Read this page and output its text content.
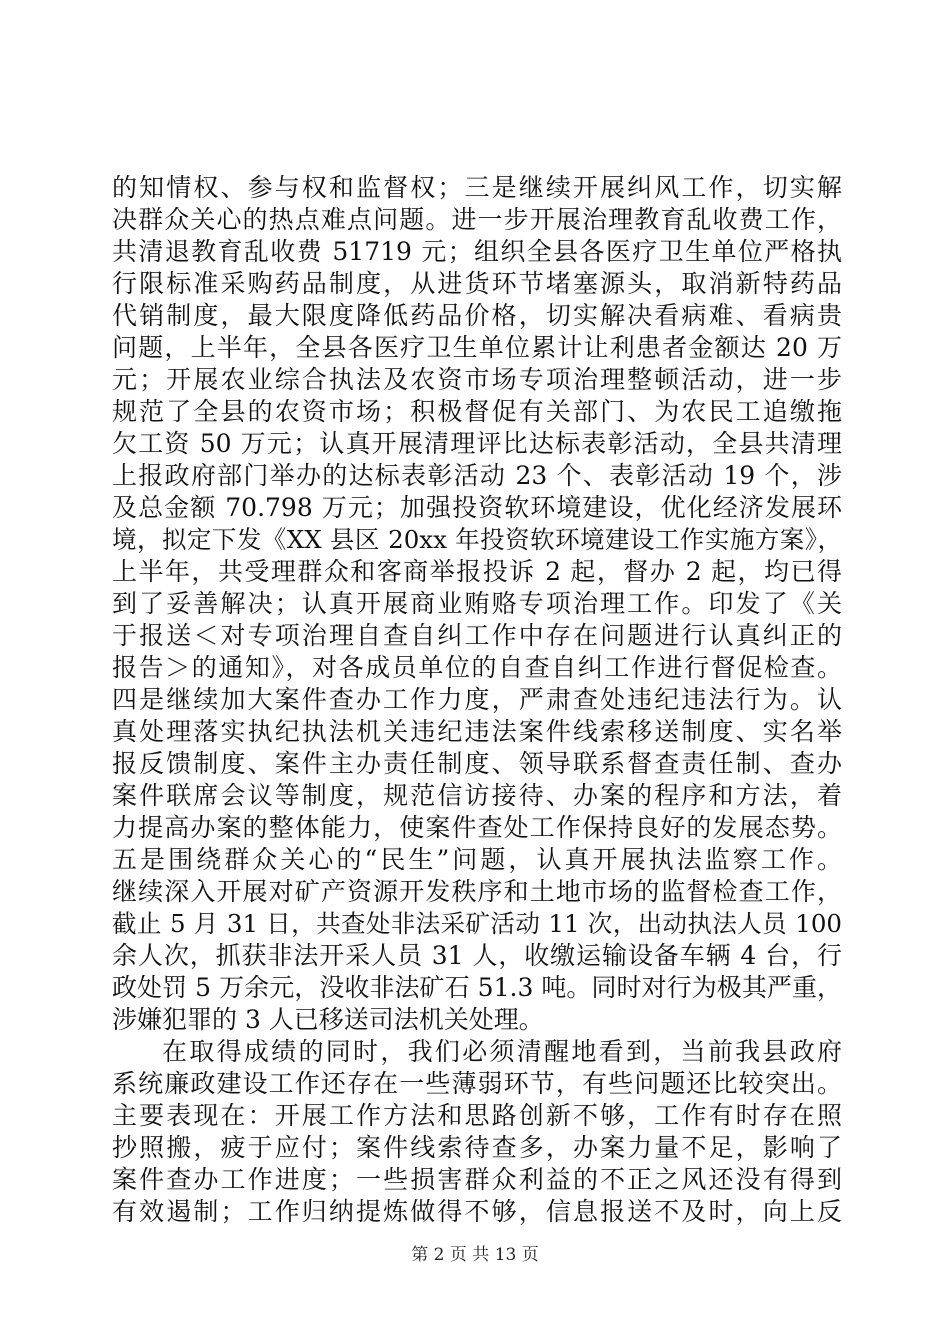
的知情权、参与权和监督权；三是继续开展纠风工作，切实解
决群众关心的热点难点问题。进一步开展治理教育乱收费工作，
共清退教育乱收费 51719 元；组织全县各医疗卫生单位严格执
行限标准采购药品制度，从进货环节堵塞源头，取消新特药品
代销制度，最大限度降低药品价格，切实解决看病难、看病贵
问题，上半年，全县各医疗卫生单位累计让利患者金额达 20 万
元；开展农业综合执法及农资市场专项治理整顿活动，进一步
规范了全县的农资市场；积极督促有关部门、为农民工追缴拖
欠工资 50 万元；认真开展清理评比达标表彰活动，全县共清理
上报政府部门举办的达标表彰活动 23 个、表彰活动 19 个，涉
及总金额 70.798 万元；加强投资软环境建设，优化经济发展环
境，拟定下发《XX 县区 20xx 年投资软环境建设工作实施方案》，
上半年，共受理群众和客商举报投诉 2 起，督办 2 起，均已得
到了妥善解决；认真开展商业贿赂专项治理工作。印发了《关
于报送＜对专项治理自查自纠工作中存在问题进行认真纠正的
报告＞的通知》，对各成员单位的自查自纠工作进行督促检查。
四是继续加大案件查办工作力度，严肃查处违纪违法行为。认
真处理落实执纪执法机关违纪违法案件线索移送制度、实名举
报反馈制度、案件主办责任制度、领导联系督查责任制、查办
案件联席会议等制度，规范信访接待、办案的程序和方法，着
力提高办案的整体能力，使案件查处工作保持良好的发展态势。
五是围绕群众关心的“民生”问题，认真开展执法监察工作。
继续深入开展对矿产资源开发秩序和土地市场的监督检查工作，
截止 5 月 31 日，共查处非法采矿活动 11 次，出动执法人员 100
余人次，抓获非法开采人员 31 人，收缴运输设备车辆 4 台，行
政处罚 5 万余元，没收非法矿石 51.3 吨。同时对行为极其严重，
涉嫌犯罪的 3 人已移送司法机关处理。
在取得成绩的同时，我们必须清醒地看到，当前我县政府
系统廉政建设工作还存在一些薄弱环节，有些问题还比较突出。
主要表现在：开展工作方法和思路创新不够，工作有时存在照
抄照搬，疲于应付；案件线索待查多，办案力量不足，影响了
案件查办工作进度；一些损害群众利益的不正之风还没有得到
有效遏制；工作归纳提炼做得不够，信息报送不及时，向上反
第 2 页 共 13 页
